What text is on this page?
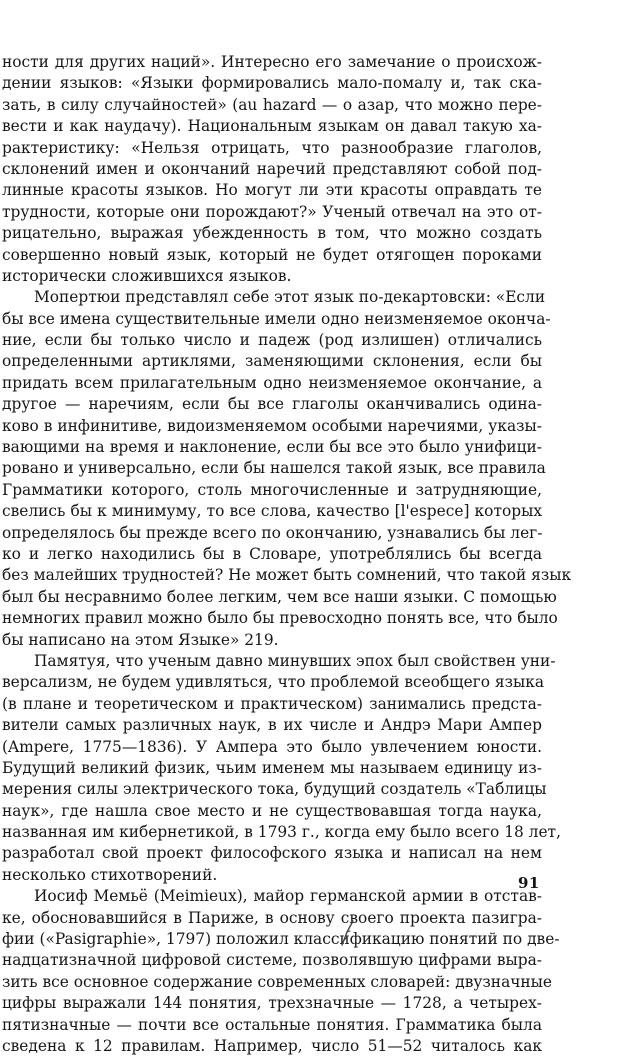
ности для других наций». Интересно его замечание о происхож-
дении языков: «Языки формировались мало-помалу и, так ска-
зать, в силу случайностей» (au hazard — о азар, что можно пере-
вести и как наудачу). Национальным языкам он давал такую ха-
рактеристику: «Нельзя отрицать, что разнообразие глаголов,
склонений имен и окончаний наречий представляют собой под-
линные красоты языков. Но могут ли эти красоты оправдать те
трудности, которые они порождают?» Ученый отвечал на это от-
рицательно, выражая убежденность в том, что можно создать
совершенно новый язык, который не будет отягощен пороками
исторически сложившихся языков.
Мопертюи представлял себе этот язык по-декартовски: «Если
бы все имена существительные имели одно неизменяемое оконча-
ние, если бы только число и падеж (род излишен) отличались
определенными артиклями, заменяющими склонения, если бы
придать всем прилагательным одно неизменяемое окончание, а
другое — наречиям, если бы все глаголы оканчивались одина-
ково в инфинитиве, видоизменяемом особыми наречиями, указы-
вающими на время и наклонение, если бы все это было унифици-
ровано и универсально, если бы нашелся такой язык, все правила
Грамматики которого, столь многочисленные и затрудняющие,
свелись бы к минимуму, то все слова, качество [l'espece] которых
определялось бы прежде всего по окончанию, узнавались бы лег-
ко и легко находились бы в Словаре, употреблялись бы всегда
без малейших трудностей? Не может быть сомнений, что такой язык
был бы несравнимо более легким, чем все наши языки. С помощью
немногих правил можно было бы превосходно понять все, что было
бы написано на этом Языке» 219.
Памятуя, что ученым давно минувших эпох был свойствен уни-
версализм, не будем удивляться, что проблемой всеобщего языка
(в плане и теоретическом и практическом) занимались предста-
вители самых различных наук, в их числе и Андрэ Мари Ампер
(Ampere, 1775—1836). У Ампера это было увлечением юности.
Будущий великий физик, чьим именем мы называем единицу из-
мерения силы электрического тока, будущий создатель «Таблицы
наук», где нашла свое место и не существовавшая тогда наука,
названная им кибернетикой, в 1793 г., когда ему было всего 18 лет,
разработал свой проект философского языка и написал на нем
несколько стихотворений.
Иосиф Мемьё (Meimieux), майор германской армии в отстав-
ке, обосновавшийся в Париже, в основу своего проекта пазигра-
фии («Pasigraphie», 1797) положил классификацию понятий по две-
надцатизначной цифровой системе, позволявшую цифрами выра-
зить все основное содержание современных словарей: двузначные
цифры выражали 144 понятия, трехзначные — 1728, а четырех-
пятизначные — почти все остальные понятия. Грамматика была
сведена к 12 правилам. Например, число 51—52 читалось как
91
